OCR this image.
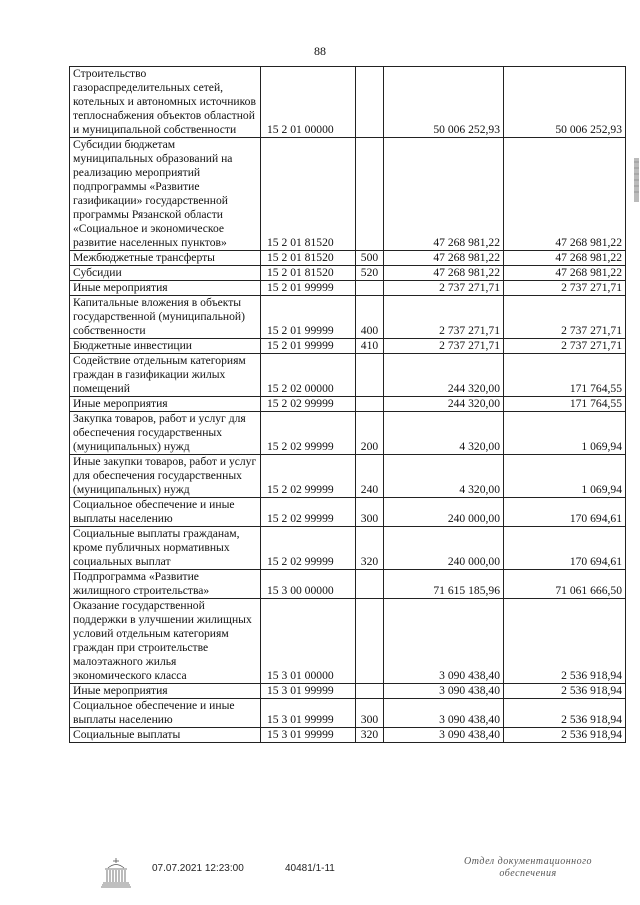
88
Строительство газораспределительных сетей, котельных и автономных источников теплоснабжения объектов областной и муниципальной собственности	15 2 01 00000		50 006 252,93	50 006 252,93
Субсидии бюджетам муниципальных образований на реализацию мероприятий подпрограммы «Развитие газификации» государственной программы Рязанской области «Социальное и экономическое развитие населенных пунктов»	15 2 01 81520		47 268 981,22	47 268 981,22
Межбюджетные трансферты	15 2 01 81520	500	47 268 981,22	47 268 981,22
Субсидии	15 2 01 81520	520	47 268 981,22	47 268 981,22
Иные мероприятия	15 2 01 99999		2 737 271,71	2 737 271,71
Капитальные вложения в объекты государственной (муниципальной) собственности	15 2 01 99999	400	2 737 271,71	2 737 271,71
Бюджетные инвестиции	15 2 01 99999	410	2 737 271,71	2 737 271,71
Содействие отдельным категориям граждан в газификации жилых помещений	15 2 02 00000		244 320,00	171 764,55
Иные мероприятия	15 2 02 99999		244 320,00	171 764,55
Закупка товаров, работ и услуг для обеспечения государственных (муниципальных) нужд	15 2 02 99999	200	4 320,00	1 069,94
Иные закупки товаров, работ и услуг для обеспечения государственных (муниципальных) нужд	15 2 02 99999	240	4 320,00	1 069,94
Социальное обеспечение и иные выплаты населению	15 2 02 99999	300	240 000,00	170 694,61
Социальные выплаты гражданам, кроме публичных нормативных социальных выплат	15 2 02 99999	320	240 000,00	170 694,61
Подпрограмма «Развитие жилищного строительства»	15 3 00 00000		71 615 185,96	71 061 666,50
Оказание государственной поддержки в улучшении жилищных условий отдельным категориям граждан при строительстве малоэтажного жилья экономического класса	15 3 01 00000		3 090 438,40	2 536 918,94
Иные мероприятия	15 3 01 99999		3 090 438,40	2 536 918,94
Социальное обеспечение и иные выплаты населению	15 3 01 99999	300	3 090 438,40	2 536 918,94
Социальные выплаты	15 3 01 99999	320	3 090 438,40	2 536 918,94
07.07.2021 12:23:00	40481/1-11
Отдел документационного
обеспечения
